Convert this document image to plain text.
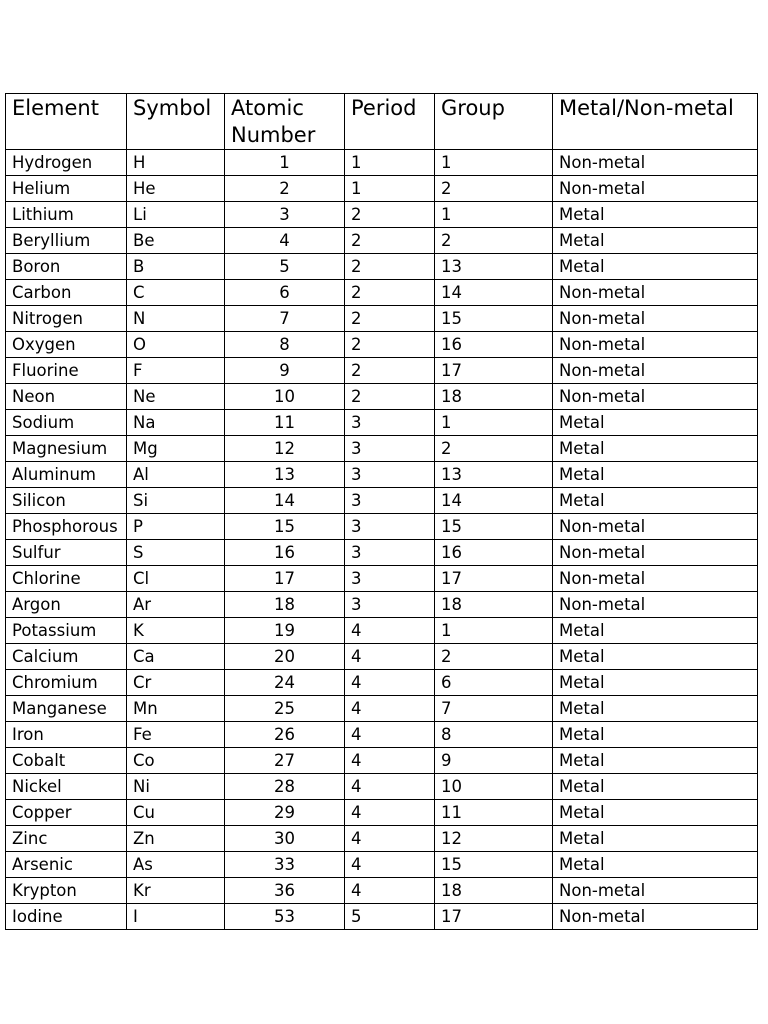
Element	Symbol	Atomic Number	Period	Group	Metal/Non-metal
Hydrogen	H	1	1	1	Non-metal
Helium	He	2	1	2	Non-metal
Lithium	Li	3	2	1	Metal
Beryllium	Be	4	2	2	Metal
Boron	B	5	2	13	Metal
Carbon	C	6	2	14	Non-metal
Nitrogen	N	7	2	15	Non-metal
Oxygen	O	8	2	16	Non-metal
Fluorine	F	9	2	17	Non-metal
Neon	Ne	10	2	18	Non-metal
Sodium	Na	11	3	1	Metal
Magnesium	Mg	12	3	2	Metal
Aluminum	Al	13	3	13	Metal
Silicon	Si	14	3	14	Metal
Phosphorous	P	15	3	15	Non-metal
Sulfur	S	16	3	16	Non-metal
Chlorine	Cl	17	3	17	Non-metal
Argon	Ar	18	3	18	Non-metal
Potassium	K	19	4	1	Metal
Calcium	Ca	20	4	2	Metal
Chromium	Cr	24	4	6	Metal
Manganese	Mn	25	4	7	Metal
Iron	Fe	26	4	8	Metal
Cobalt	Co	27	4	9	Metal
Nickel	Ni	28	4	10	Metal
Copper	Cu	29	4	11	Metal
Zinc	Zn	30	4	12	Metal
Arsenic	As	33	4	15	Metal
Krypton	Kr	36	4	18	Non-metal
Iodine	I	53	5	17	Non-metal
